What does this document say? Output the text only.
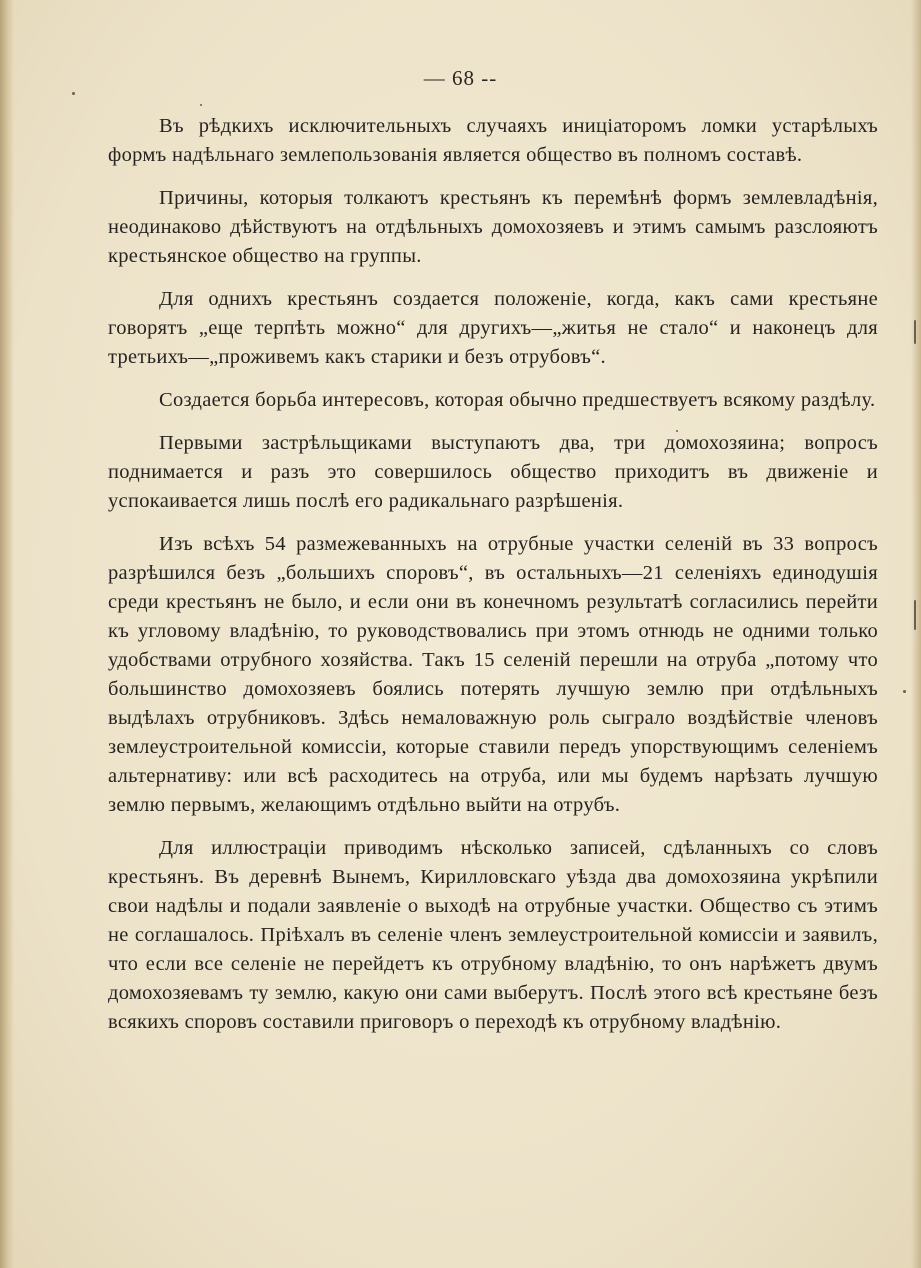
— 68 --

Въ рѣдкихъ исключительныхъ случаяхъ иниціаторомъ ломки устарѣлыхъ формъ надѣльнаго землепользованія является общество въ полномъ составѣ.

Причины, которыя толкаютъ крестьянъ къ перемѣнѣ формъ землевладѣнія, неодинаково дѣйствуютъ на отдѣльныхъ домохозяевъ и этимъ самымъ разслояютъ крестьянское общество на группы.

Для однихъ крестьянъ создается положеніе, когда, какъ сами крестьяне говорятъ „еще терпѣть можно“ для другихъ—„житья не стало“ и наконецъ для третьихъ—„проживемъ какъ старики и безъ отрубовъ“.

Создается борьба интересовъ, которая обычно предшествуетъ всякому раздѣлу.

Первыми застрѣльщиками выступаютъ два, три домохозяина; вопросъ поднимается и разъ это совершилось общество приходитъ въ движеніе и успокаивается лишь послѣ его радикальнаго разрѣшенія.

Изъ всѣхъ 54 размежеванныхъ на отрубные участки селеній въ 33 вопросъ разрѣшился безъ „большихъ споровъ“, въ остальныхъ—21 селеніяхъ единодушія среди крестьянъ не было, и если они въ конечномъ результатѣ согласились перейти къ угловому владѣнію, то руководствовались при этомъ отнюдь не одними только удобствами отрубного хозяйства. Такъ 15 селеній перешли на отруба „потому что большинство домохозяевъ боялись потерять лучшую землю при отдѣльныхъ выдѣлахъ отрубниковъ. Здѣсь немаловажную роль сыграло воздѣйствіе членовъ землеустроительной комиссіи, которые ставили передъ упорствующимъ селеніемъ альтернативу: или всѣ расходитесь на отруба, или мы будемъ нарѣзать лучшую землю первымъ, желающимъ отдѣльно выйти на отрубъ.

Для иллюстраціи приводимъ нѣсколько записей, сдѣланныхъ со словъ крестьянъ. Въ деревнѣ Вынемъ, Кирилловскаго уѣзда два домохозяина укрѣпили свои надѣлы и подали заявленіе о выходѣ на отрубные участки. Общество съ этимъ не соглашалось. Пріѣхалъ въ селеніе членъ землеустроительной комиссіи и заявилъ, что если все селеніе не перейдетъ къ отрубному владѣнію, то онъ нарѣжетъ двумъ домохозяевамъ ту землю, какую они сами выберутъ. Послѣ этого всѣ крестьяне безъ всякихъ споровъ составили приговоръ о переходѣ къ отрубному владѣнію.
